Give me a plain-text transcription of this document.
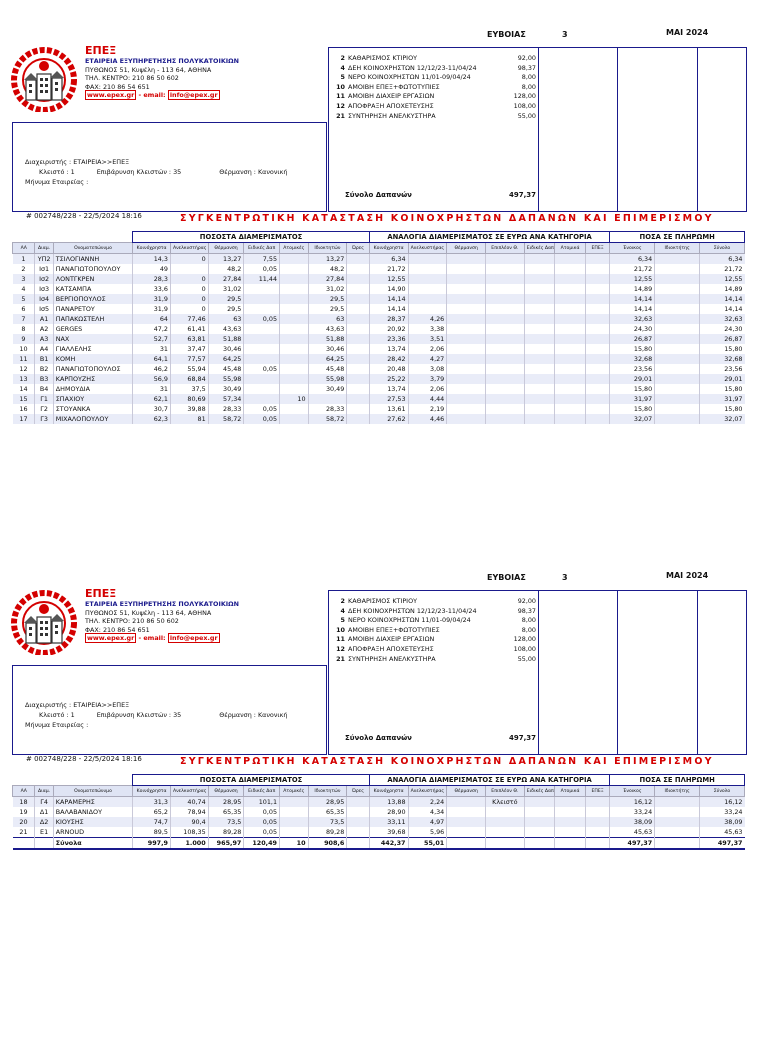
ΕΥΒΟΙΑΣ	3	ΜΑΙ 2024
ΕΠΕΞ
ΕΤΑΙΡΕΙΑ ΕΞΥΠΗΡΕΤΗΣΗΣ ΠΟΛΥΚΑΤΟΙΚΙΩΝ
ΠΥΘΩΝΟΣ 51, Κυψέλη - 113 64, ΑΘΗΝΑ
ΤΗΛ. ΚΕΝΤΡΟ: 210 86 50 602
ΦΑΧ: 210 86 54 651
www.epex.gr - email: info@epex.gr
Διαχειριστής : ΕΤΑΙΡΕΙΑ>>ΕΠΕΞ
Κλειστό : 1	Επιβάρυνση Κλειστών : 35	Θέρμανση : Κανονική
Μήνυμα Εταιρείας :
2 ΚΑΘΑΡΙΣΜΟΣ ΚΤΙΡΙΟΥ	92,00
4 ΔΕΗ ΚΟΙΝΟΧΡΗΣΤΩΝ 12/12/23-11/04/24	98,37
5 ΝΕΡΟ ΚΟΙΝΟΧΡΗΣΤΩΝ 11/01-09/04/24	8,00
10 ΑΜΟΙΒΗ ΕΠΕΞ+ΦΩΤΟΤΥΠΙΕΣ	8,00
11 ΑΜΟΙΒΗ ΔΙΑΧΕΙΡ ΕΡΓΑΣΙΩΝ	128,00
12 ΑΠΟΦΡΑΞΗ ΑΠΟΧΕΤΕΥΣΗΣ	108,00
21 ΣΥΝΤΗΡΗΣΗ ΑΝΕΛΚΥΣΤΗΡΑ	55,00
Σύνολο Δαπανών	497,37
# 002748/228 - 22/5/2024 18:16	ΣΥΓΚΕΝΤΡΩΤΙΚΗ ΚΑΤΑΣΤΑΣΗ ΚΟΙΝΟΧΡΗΣΤΩΝ ΔΑΠΑΝΩΝ ΚΑΙ ΕΠΙΜΕΡΙΣΜΟΥ
			ΠΟΣΟΣΤΑ ΔΙΑΜΕΡΙΣΜΑΤΟΣ							ΑΝΑΛΟΓΙΑ ΔΙΑΜΕΡΙΣΜΑΤΟΣ ΣΕ ΕΥΡΩ ΑΝΑ ΚΑΤΗΓΟΡΙΑ							ΠΟΣΑ ΣΕ ΠΛΗΡΩΜΗ		
ΑΑ	Διαμ.	Ονοματεπώνυμο	Κοινόχρηστα	Ανελκυστήρας	Θέρμανση	Ειδικές Δαπ	Ατομικές	Ιδιοκτητών	Ώρες	Κοινόχρηστα	Ανελκυστήρας	Θέρμανση	Επιπλέον Θ.	Ειδικές Δαπ	Ατομικά	ΕΠΕΞ	Ένοικος	Ιδιοκτήτης	Σύνολο
1	ΥΠ2	ΤΣΙΛΟΓΙΑΝΝΗ	14,3	0	13,27	7,55		13,27		6,34							6,34		6,34
2	Ισ1	ΠΑΝΑΓΙΩΤΟΠΟΥΛΟΥ	49		48,2	0,05		48,2		21,72							21,72		21,72
3	Ισ2	ΛΟΝΤΓΚΡΕΝ	28,3	0	27,84	11,44		27,84		12,55							12,55		12,55
4	Ισ3	ΚΑΤΣΑΜΠΑ	33,6	0	31,02			31,02		14,90							14,89		14,89
5	Ισ4	ΒΕΡΓΙΟΠΟΥΛΟΣ	31,9	0	29,5			29,5		14,14							14,14		14,14
6	Ισ5	ΠΑΝΑΡΕΤΟΥ	31,9	0	29,5			29,5		14,14							14,14		14,14
7	Α1	ΠΑΠΑΚΩΣΤΕΛΗ	64	77,46	63	0,05		63		28,37	4,26						32,63		32,63
8	Α2	GERGES	47,2	61,41	43,63			43,63		20,92	3,38						24,30		24,30
9	Α3	ΝΑΧ	52,7	63,81	51,88			51,88		23,36	3,51						26,87		26,87
10	Α4	ΓΙΑΛΛΕΛΗΣ	31	37,47	30,46			30,46		13,74	2,06						15,80		15,80
11	Β1	ΚΟΜΗ	64,1	77,57	64,25			64,25		28,42	4,27						32,68		32,68
12	Β2	ΠΑΝΑΓΙΩΤΟΠΟΥΛΟΣ	46,2	55,94	45,48	0,05		45,48		20,48	3,08						23,56		23,56
13	Β3	ΚΑΡΠΟΥΖΗΣ	56,9	68,84	55,98			55,98		25,22	3,79						29,01		29,01
14	Β4	ΔΗΜΟΥΔΙΑ	31	37,5	30,49			30,49		13,74	2,06						15,80		15,80
15	Γ1	ΣΠΑΧΙΟΥ	62,1	80,69	57,34		10			27,53	4,44						31,97		31,97
16	Γ2	ΣΤΟΥΑΝΚΑ	30,7	39,88	28,33	0,05		28,33		13,61	2,19						15,80		15,80
17	Γ3	ΜΙΧΑΛΟΠΟΥΛΟΥ	62,3	81	58,72	0,05		58,72		27,62	4,46						32,07		32,07
ΕΥΒΟΙΑΣ	3	ΜΑΙ 2024
ΕΠΕΞ
ΕΤΑΙΡΕΙΑ ΕΞΥΠΗΡΕΤΗΣΗΣ ΠΟΛΥΚΑΤΟΙΚΙΩΝ
ΠΥΘΩΝΟΣ 51, Κυψέλη - 113 64, ΑΘΗΝΑ
ΤΗΛ. ΚΕΝΤΡΟ: 210 86 50 602
ΦΑΧ: 210 86 54 651
www.epex.gr - email: info@epex.gr
Διαχειριστής : ΕΤΑΙΡΕΙΑ>>ΕΠΕΞ
Κλειστό : 1	Επιβάρυνση Κλειστών : 35	Θέρμανση : Κανονική
Μήνυμα Εταιρείας :
2 ΚΑΘΑΡΙΣΜΟΣ ΚΤΙΡΙΟΥ	92,00
4 ΔΕΗ ΚΟΙΝΟΧΡΗΣΤΩΝ 12/12/23-11/04/24	98,37
5 ΝΕΡΟ ΚΟΙΝΟΧΡΗΣΤΩΝ 11/01-09/04/24	8,00
10 ΑΜΟΙΒΗ ΕΠΕΞ+ΦΩΤΟΤΥΠΙΕΣ	8,00
11 ΑΜΟΙΒΗ ΔΙΑΧΕΙΡ ΕΡΓΑΣΙΩΝ	128,00
12 ΑΠΟΦΡΑΞΗ ΑΠΟΧΕΤΕΥΣΗΣ	108,00
21 ΣΥΝΤΗΡΗΣΗ ΑΝΕΛΚΥΣΤΗΡΑ	55,00
Σύνολο Δαπανών	497,37
# 002748/228 - 22/5/2024 18:16	ΣΥΓΚΕΝΤΡΩΤΙΚΗ ΚΑΤΑΣΤΑΣΗ ΚΟΙΝΟΧΡΗΣΤΩΝ ΔΑΠΑΝΩΝ ΚΑΙ ΕΠΙΜΕΡΙΣΜΟΥ
			ΠΟΣΟΣΤΑ ΔΙΑΜΕΡΙΣΜΑΤΟΣ							ΑΝΑΛΟΓΙΑ ΔΙΑΜΕΡΙΣΜΑΤΟΣ ΣΕ ΕΥΡΩ ΑΝΑ ΚΑΤΗΓΟΡΙΑ							ΠΟΣΑ ΣΕ ΠΛΗΡΩΜΗ		
ΑΑ	Διαμ.	Ονοματεπώνυμο	Κοινόχρηστα	Ανελκυστήρας	Θέρμανση	Ειδικές Δαπ	Ατομικές	Ιδιοκτητών	Ώρες	Κοινόχρηστα	Ανελκυστήρας	Θέρμανση	Επιπλέον Θ.	Ειδικές Δαπ	Ατομικά	ΕΠΕΞ	Ένοικος	Ιδιοκτήτης	Σύνολο
18	Γ4	ΚΑΡΑΜΕΡΗΣ	31,3	40,74	28,95	101,1		28,95		13,88	2,24		Κλειστό				16,12		16,12
19	Δ1	ΒΑΛΑΒΑΝΙΔΟΥ	65,2	78,94	65,35	0,05		65,35		28,90	4,34						33,24		33,24
20	Δ2	ΚΙΟΥΣΗΣ	74,7	90,4	73,5	0,05		73,5		33,11	4,97						38,09		38,09
21	Ε1	ARNOUD	89,5	108,35	89,28	0,05		89,28		39,68	5,96						45,63		45,63
		Σύνολα	997,9	1.000	965,97	120,49	10	908,6		442,37	55,01						497,37		497,37
